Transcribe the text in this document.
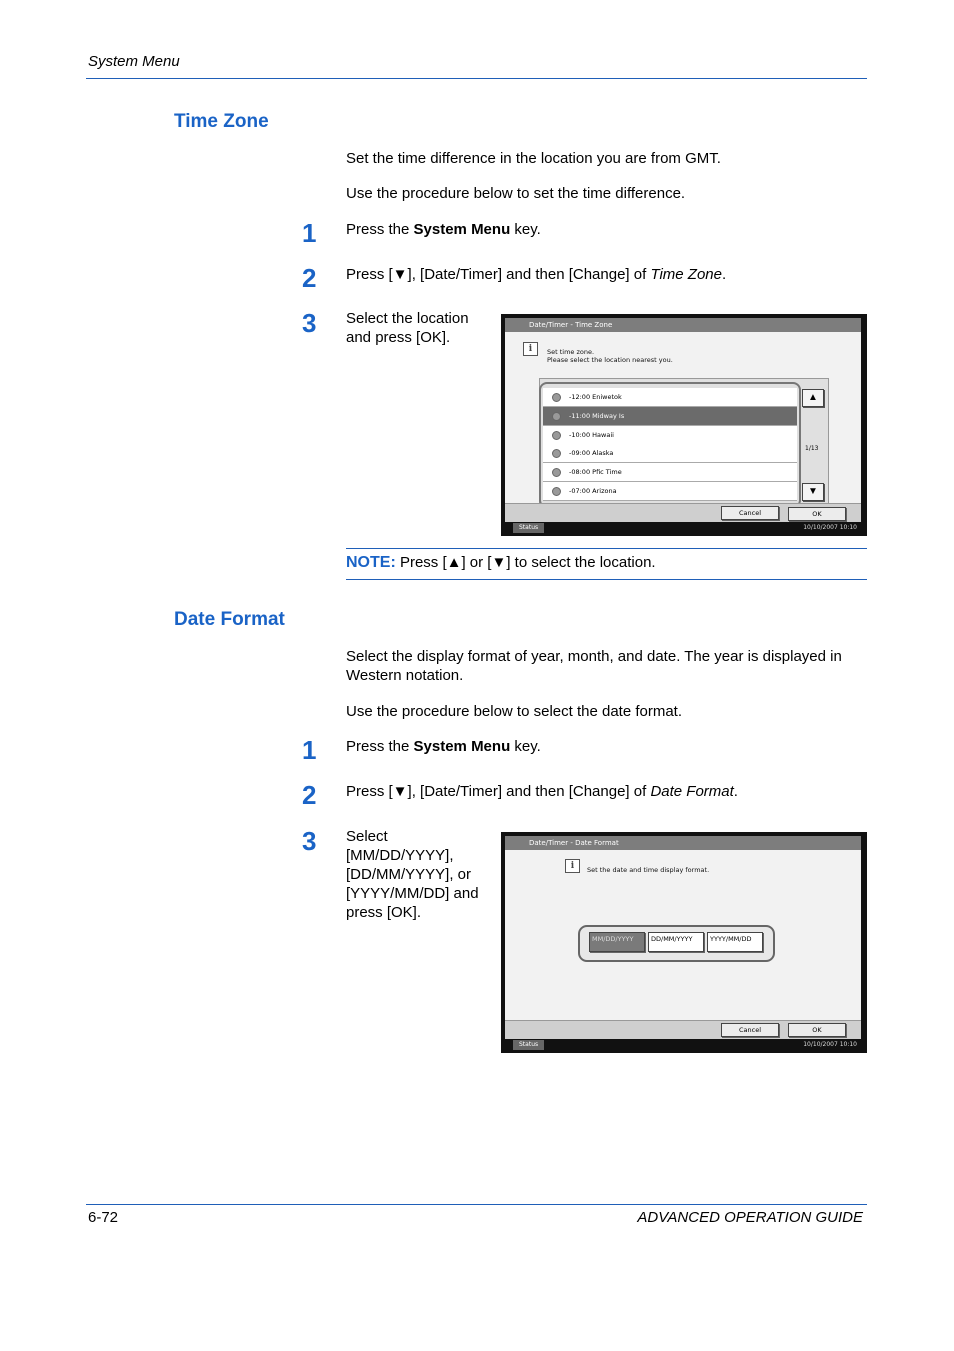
System Menu
Time Zone
Set the time difference in the location you are from GMT.
Use the procedure below to set the time difference.
1 Press the System Menu key.
2 Press [▼], [Date/Timer] and then [Change] of Time Zone.
3 Select the location and press [OK].
Date/Timer - Time Zone
i	Set time zone.
Please select the location nearest you.
-12:00 Eniwetok
-11:00 Midway Is
-10:00 Hawaii
-09:00 Alaska
-08:00 Pfic Time
-07:00 Arizona
▲
1/13
▼
Cancel	OK
Status	10/10/2007 10:10
NOTE: Press [▲] or [▼] to select the location.
Date Format
Select the display format of year, month, and date. The year is displayed in Western notation.
Use the procedure below to select the date format.
1 Press the System Menu key.
2 Press [▼], [Date/Timer] and then [Change] of Date Format.
3 Select [MM/DD/YYYY], [DD/MM/YYYY], or [YYYY/MM/DD] and press [OK].
Date/Timer - Date Format
i	Set the date and time display format.
MM/DD/YYYY	DD/MM/YYYY	YYYY/MM/DD
Cancel	OK
Status	10/10/2007 10:10
6-72	ADVANCED OPERATION GUIDE
